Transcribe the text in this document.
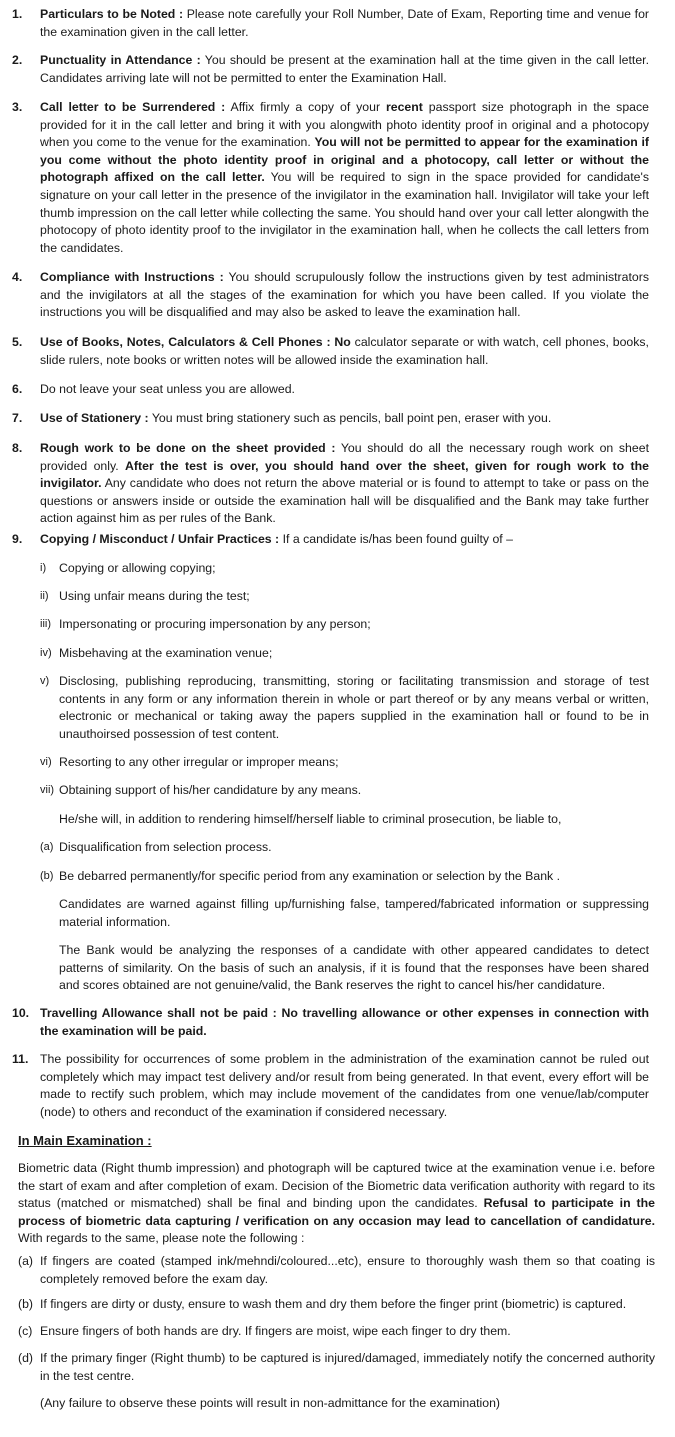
1. Particulars to be Noted : Please note carefully your Roll Number, Date of Exam, Reporting time and venue for the examination given in the call letter.
2. Punctuality in Attendance : You should be present at the examination hall at the time given in the call letter. Candidates arriving late will not be permitted to enter the Examination Hall.
3. Call letter to be Surrendered : Affix firmly a copy of your recent passport size photograph in the space provided for it in the call letter and bring it with you alongwith photo identity proof in original and a photocopy when you come to the venue for the examination. You will not be permitted to appear for the examination if you come without the photo identity proof in original and a photocopy, call letter or without the photograph affixed on the call letter. You will be required to sign in the space provided for candidate's signature on your call letter in the presence of the invigilator in the examination hall. Invigilator will take your left thumb impression on the call letter while collecting the same. You should hand over your call letter alongwith the photocopy of photo identity proof to the invigilator in the examination hall, when he collects the call letters from the candidates.
4. Compliance with Instructions : You should scrupulously follow the instructions given by test administrators and the invigilators at all the stages of the examination for which you have been called. If you violate the instructions you will be disqualified and may also be asked to leave the examination hall.
5. Use of Books, Notes, Calculators & Cell Phones : No calculator separate or with watch, cell phones, books, slide rulers, note books or written notes will be allowed inside the examination hall.
6. Do not leave your seat unless you are allowed.
7. Use of Stationery : You must bring stationery such as pencils, ball point pen, eraser with you.
8. Rough work to be done on the sheet provided : You should do all the necessary rough work on sheet provided only. After the test is over, you should hand over the sheet, given for rough work to the invigilator. Any candidate who does not return the above material or is found to attempt to take or pass on the questions or answers inside or outside the examination hall will be disqualified and the Bank may take further action against him as per rules of the Bank.
9. Copying / Misconduct / Unfair Practices : If a candidate is/has been found guilty of –
i) Copying or allowing copying;
ii) Using unfair means during the test;
iii) Impersonating or procuring impersonation by any person;
iv) Misbehaving at the examination venue;
v) Disclosing, publishing reproducing, transmitting, storing or facilitating transmission and storage of test contents in any form or any information therein in whole or part thereof or by any means verbal or written, electronic or mechanical or taking away the papers supplied in the examination hall or found to be in unauthoirsed possession of test content.
vi) Resorting to any other irregular or improper means;
vii) Obtaining support of his/her candidature by any means.
He/she will, in addition to rendering himself/herself liable to criminal prosecution, be liable to,
(a) Disqualification from selection process.
(b) Be debarred permanently/for specific period from any examination or selection by the Bank .
Candidates are warned against filling up/furnishing false, tampered/fabricated information or suppressing material information.
The Bank would be analyzing the responses of a candidate with other appeared candidates to detect patterns of similarity. On the basis of such an analysis, if it is found that the responses have been shared and scores obtained are not genuine/valid, the Bank reserves the right to cancel his/her candidature.
10. Travelling Allowance shall not be paid : No travelling allowance or other expenses in connection with the examination will be paid.
11. The possibility for occurrences of some problem in the administration of the examination cannot be ruled out completely which may impact test delivery and/or result from being generated. In that event, every effort will be made to rectify such problem, which may include movement of the candidates from one venue/lab/computer (node) to others and reconduct of the examination if considered necessary.
In Main Examination :
Biometric data (Right thumb impression) and photograph will be captured twice at the examination venue i.e. before the start of exam and after completion of exam. Decision of the Biometric data verification authority with regard to its status (matched or mismatched) shall be final and binding upon the candidates. Refusal to participate in the process of biometric data capturing / verification on any occasion may lead to cancellation of candidature. With regards to the same, please note the following :
(a) If fingers are coated (stamped ink/mehndi/coloured...etc), ensure to thoroughly wash them so that coating is completely removed before the exam day.
(b) If fingers are dirty or dusty, ensure to wash them and dry them before the finger print (biometric) is captured.
(c) Ensure fingers of both hands are dry. If fingers are moist, wipe each finger to dry them.
(d) If the primary finger (Right thumb) to be captured is injured/damaged, immediately notify the concerned authority in the test centre.
(Any failure to observe these points will result in non-admittance for the examination)
